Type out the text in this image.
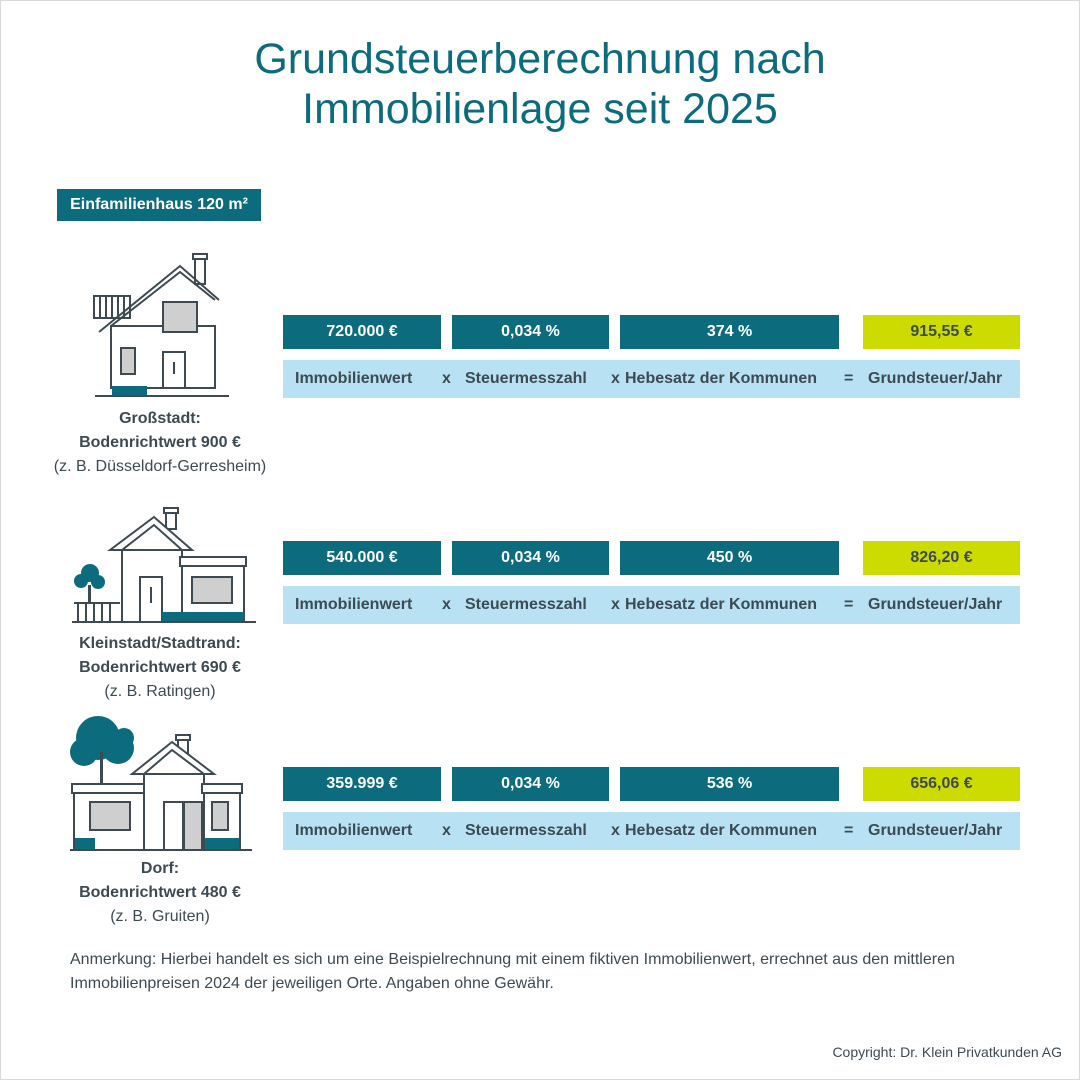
Grundsteuerberechnung nach
Immobilienlage seit 2025
Einfamilienhaus 120 m²
Großstadt:
Bodenrichtwert 900 €
(z. B. Düsseldorf-Gerresheim)
Kleinstadt/Stadtrand:
Bodenrichtwert 690 €
(z. B. Ratingen)
Dorf:
Bodenrichtwert 480 €
(z. B. Gruiten)
720.000 €	0,034 %	374 %	915,55 €
Immobilienwert x Steuermesszahl x Hebesatz der Kommunen = Grundsteuer/Jahr
540.000 €	0,034 %	450 %	826,20 €
Immobilienwert x Steuermesszahl x Hebesatz der Kommunen = Grundsteuer/Jahr
359.999 €	0,034 %	536 %	656,06 €
Immobilienwert x Steuermesszahl x Hebesatz der Kommunen = Grundsteuer/Jahr
Anmerkung: Hierbei handelt es sich um eine Beispielrechnung mit einem fiktiven Immobilienwert, errechnet aus den mittleren Immobilienpreisen 2024 der jeweiligen Orte. Angaben ohne Gewähr.
Copyright: Dr. Klein Privatkunden AG
